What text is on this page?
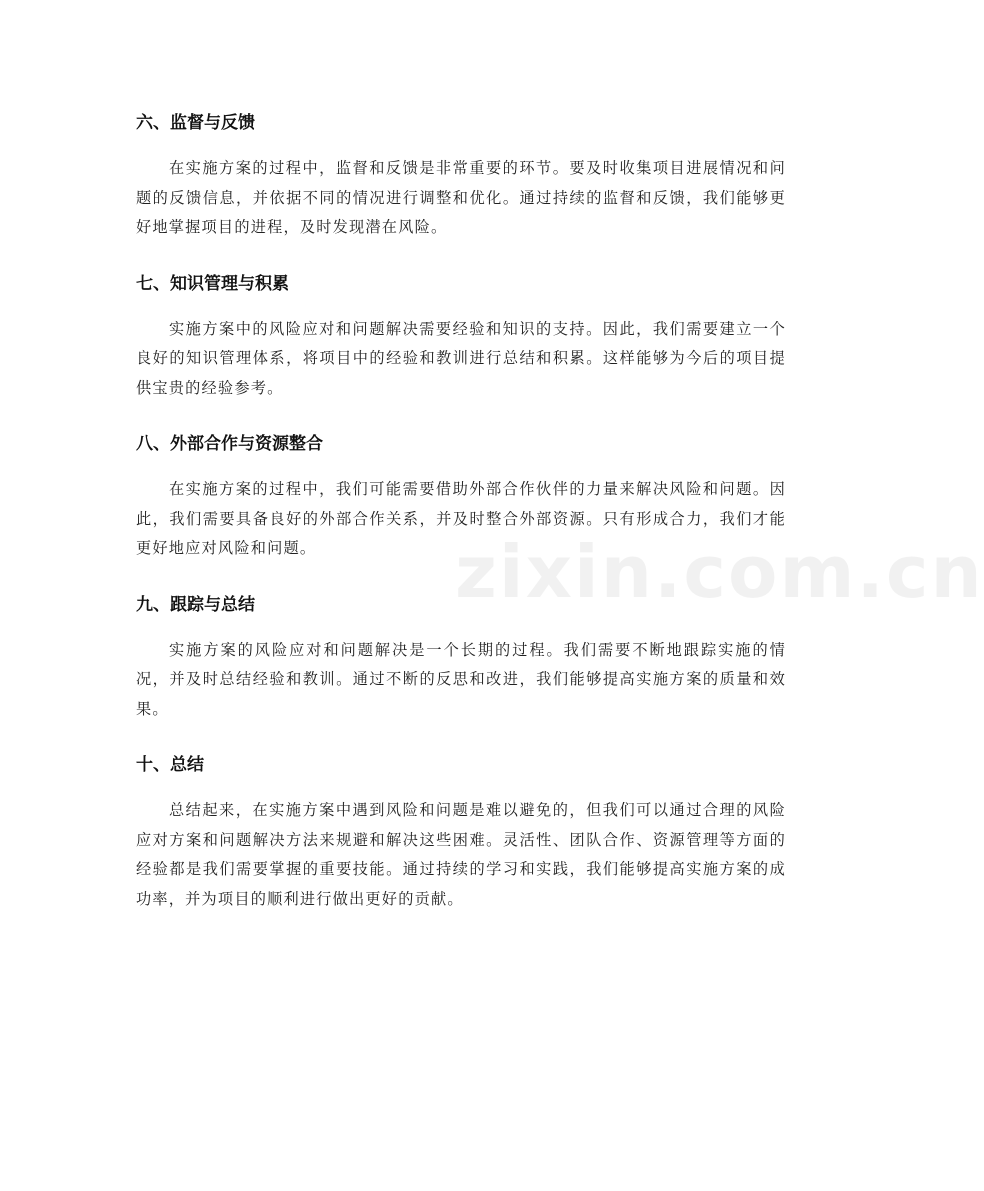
六、监督与反馈

在实施方案的过程中，监督和反馈是非常重要的环节。要及时收集项目进展情况和问题的反馈信息，并依据不同的情况进行调整和优化。通过持续的监督和反馈，我们能够更好地掌握项目的进程，及时发现潜在风险。

七、知识管理与积累

实施方案中的风险应对和问题解决需要经验和知识的支持。因此，我们需要建立一个良好的知识管理体系，将项目中的经验和教训进行总结和积累。这样能够为今后的项目提供宝贵的经验参考。

八、外部合作与资源整合

在实施方案的过程中，我们可能需要借助外部合作伙伴的力量来解决风险和问题。因此，我们需要具备良好的外部合作关系，并及时整合外部资源。只有形成合力，我们才能更好地应对风险和问题。

九、跟踪与总结

实施方案的风险应对和问题解决是一个长期的过程。我们需要不断地跟踪实施的情况，并及时总结经验和教训。通过不断的反思和改进，我们能够提高实施方案的质量和效果。

十、总结

总结起来，在实施方案中遇到风险和问题是难以避免的，但我们可以通过合理的风险应对方案和问题解决方法来规避和解决这些困难。灵活性、团队合作、资源管理等方面的经验都是我们需要掌握的重要技能。通过持续的学习和实践，我们能够提高实施方案的成功率，并为项目的顺利进行做出更好的贡献。

zixin.com.cn
